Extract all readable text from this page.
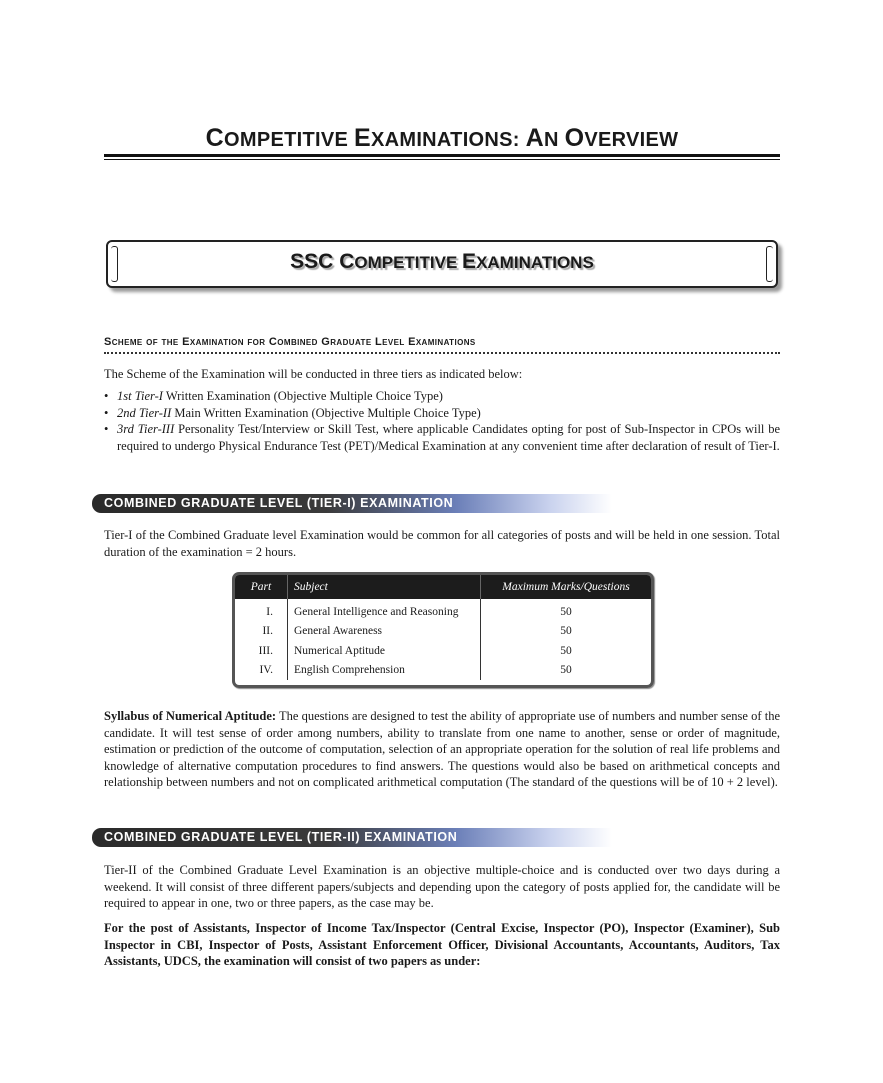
COMPETITIVE EXAMINATIONS: AN OVERVIEW
SSC COMPETITIVE EXAMINATIONS
Scheme of the Examination for Combined Graduate Level Examinations

The Scheme of the Examination will be conducted in three tiers as indicated below:

• 1st Tier-I Written Examination (Objective Multiple Choice Type)
• 2nd Tier-II Main Written Examination (Objective Multiple Choice Type)
• 3rd Tier-III Personality Test/Interview or Skill Test, where applicable Candidates opting for post of Sub-Inspector in CPOs will be required to undergo Physical Endurance Test (PET)/Medical Examination at any convenient time after declaration of result of Tier-I.
COMBINED GRADUATE LEVEL (TIER-I) EXAMINATION

Tier-I of the Combined Graduate level Examination would be common for all categories of posts and will be held in one session. Total duration of the examination = 2 hours.

Part	Subject	Maximum Marks/Questions
I.	General Intelligence and Reasoning	50
II.	General Awareness	50
III.	Numerical Aptitude	50
IV.	English Comprehension	50

Syllabus of Numerical Aptitude: The questions are designed to test the ability of appropriate use of numbers and number sense of the candidate. It will test sense of order among numbers, ability to translate from one name to another, sense or order of magnitude, estimation or prediction of the outcome of computation, selection of an appropriate operation for the solution of real life problems and knowledge of alternative computation procedures to find answers. The questions would also be based on arithmetical concepts and relationship between numbers and not on complicated arithmetical computation (The standard of the questions will be of 10 + 2 level).

COMBINED GRADUATE LEVEL (TIER-II) EXAMINATION

Tier-II of the Combined Graduate Level Examination is an objective multiple-choice and is conducted over two days during a weekend. It will consist of three different papers/subjects and depending upon the category of posts applied for, the candidate will be required to appear in one, two or three papers, as the case may be.

For the post of Assistants, Inspector of Income Tax/Inspector (Central Excise, Inspector (PO), Inspector (Examiner), Sub Inspector in CBI, Inspector of Posts, Assistant Enforcement Officer, Divisional Accountants, Accountants, Auditors, Tax Assistants, UDCS, the examination will consist of two papers as under:
